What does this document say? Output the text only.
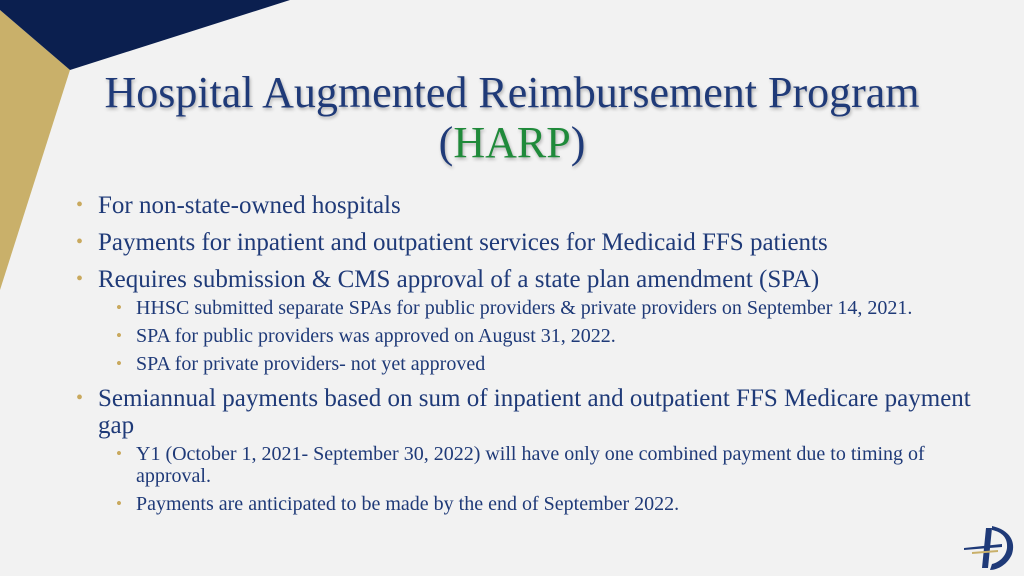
Hospital Augmented Reimbursement Program
(HARP)
• For non-state-owned hospitals
• Payments for inpatient and outpatient services for Medicaid FFS patients
• Requires submission & CMS approval of a state plan amendment (SPA)
• HHSC submitted separate SPAs for public providers & private providers on September 14, 2021.
• SPA for public providers was approved on August 31, 2022.
• SPA for private providers- not yet approved
• Semiannual payments based on sum of inpatient and outpatient FFS Medicare payment gap
• Y1 (October 1, 2021- September 30, 2022) will have only one combined payment due to timing of approval.
• Payments are anticipated to be made by the end of September 2022.
